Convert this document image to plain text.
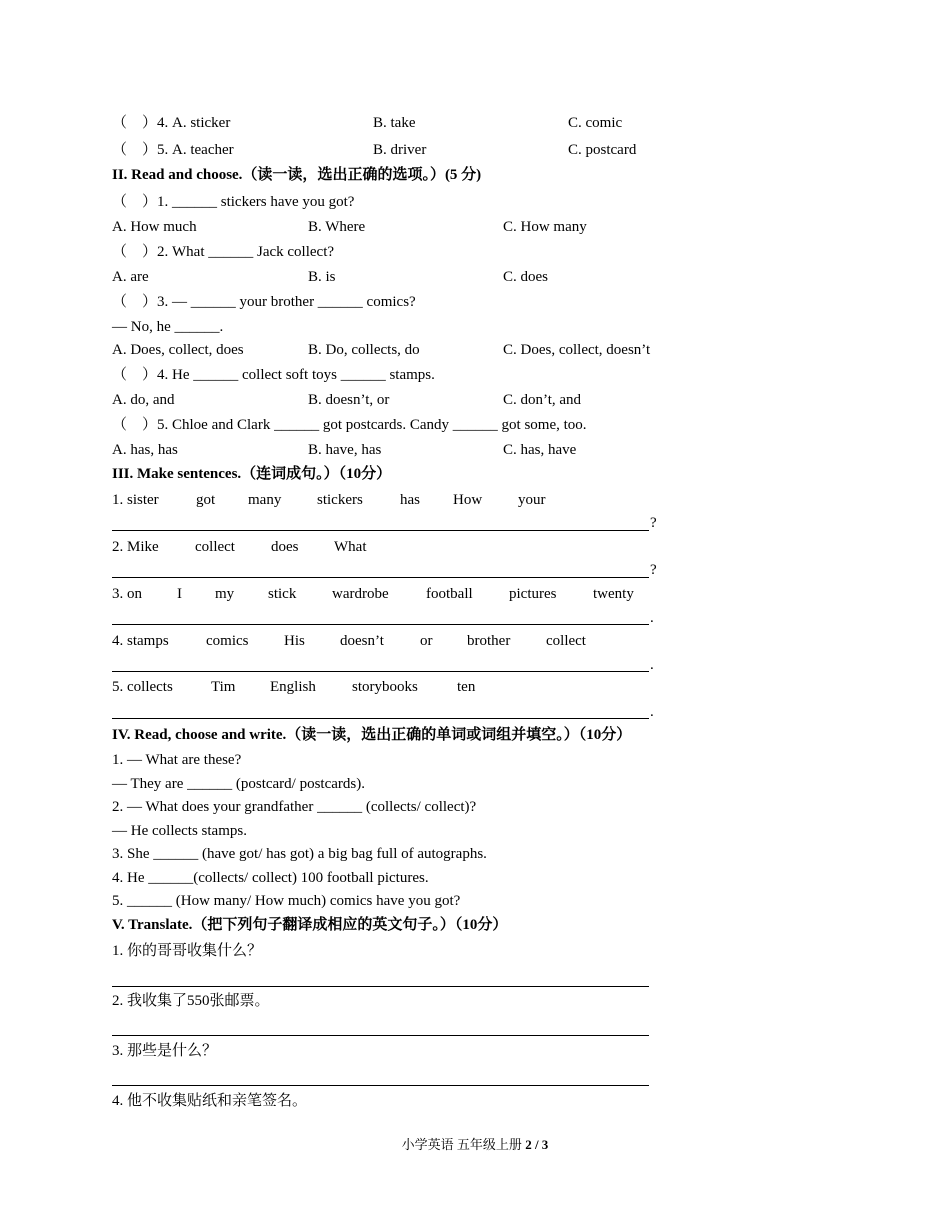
（　）4. A. sticker	B. take	C. comic
（　）5. A. teacher	B. driver	C. postcard
II. Read and choose.（读一读，选出正确的选项。）(5 分)
（　）1. ______ stickers have you got?
A. How much	B. Where	C. How many
（　）2. What ______ Jack collect?
A. are	B. is	C. does
（　）3. — ______ your brother ______ comics?
— No, he ______.
A. Does, collect, does	B. Do, collects, do	C. Does, collect, doesn’t
（　）4. He ______ collect soft toys ______ stamps.
A. do, and	B. doesn’t, or	C. don’t, and
（　）5. Chloe and Clark ______ got postcards. Candy ______ got some, too.
A. has, has	B. have, has	C. has, have
III. Make sentences.（连词成句。）（10分）
1. sister got many stickers has How your
?
2. Mike collect does What
?
3. on I my stick wardrobe football pictures twenty
.
4. stamps comics His doesn’t or brother collect
.
5. collects	Tim English storybooks	ten
.
IV. Read, choose and write.（读一读，选出正确的单词或词组并填空。）（10分）
1. — What are these?
— They are ______ (postcard/ postcards).
2. — What does your grandfather ______ (collects/ collect)?
— He collects stamps.
3. She ______ (have got/ has got) a big bag full of autographs.
4. He ______(collects/ collect) 100 football pictures.
5. ______ (How many/ How much) comics have you got?
V. Translate.（把下列句子翻译成相应的英文句子。）（10分）
1. 你的哥哥收集什么？
2. 我收集了550张邮票。
3. 那些是什么？
4. 他不收集贴纸和亲笔签名。
小学英语 五年级上册 2 / 3
